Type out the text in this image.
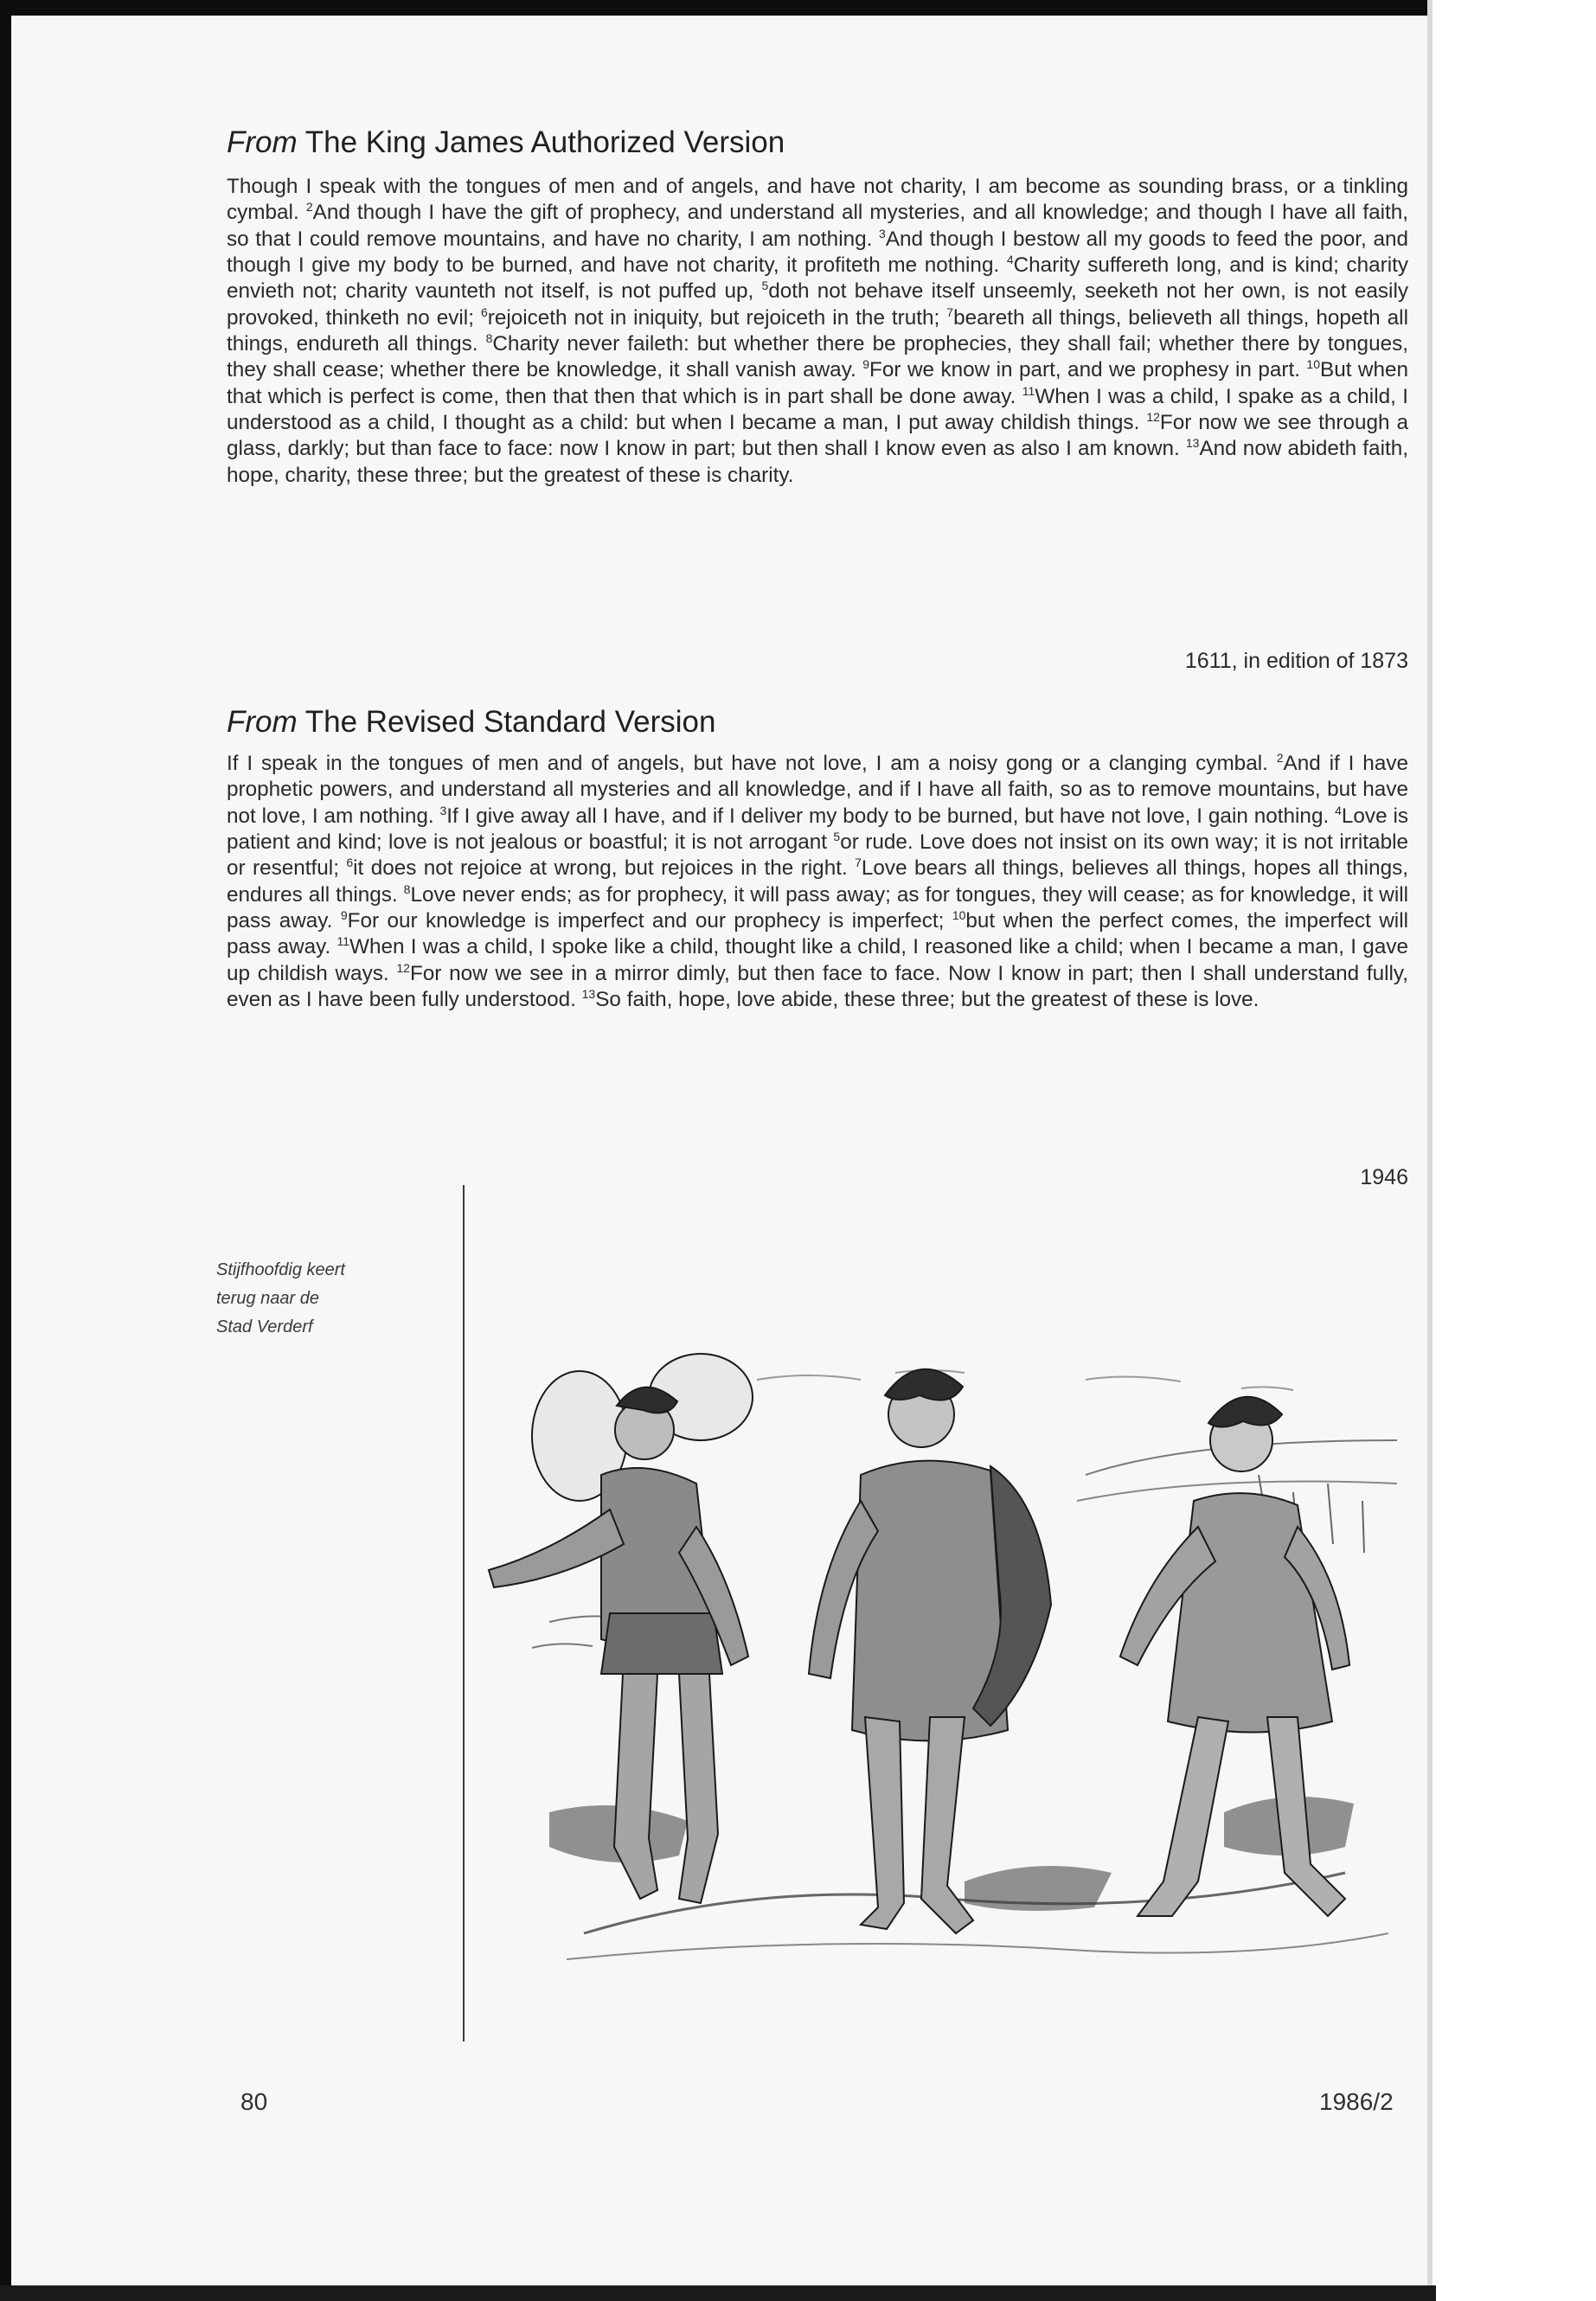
From The King James Authorized Version

Though I speak with the tongues of men and of angels, and have not charity, I am become as sounding brass, or a tinkling cymbal. $^2$And though I have the gift of prophecy, and understand all mysteries, and all knowledge; and though I have all faith, so that I could remove mountains, and have no charity, I am nothing. $^3$And though I bestow all my goods to feed the poor, and though I give my body to be burned, and have not charity, it profiteth me nothing. $^4$Charity suffereth long, and is kind; charity envieth not; charity vaunteth not itself, is not puffed up, $^5$doth not behave itself unseemly, seeketh not her own, is not easily provoked, thinketh no evil; $^6$rejoiceth not in iniquity, but rejoiceth in the truth; $^7$beareth all things, believeth all things, hopeth all things, endureth all things. $^8$Charity never faileth: but whether there be prophecies, they shall fail; whether there by tongues, they shall cease; whether there be knowledge, it shall vanish away. $^9$For we know in part, and we prophesy in part. $^{10}$But when that which is perfect is come, then that then that which is in part shall be done away. $^{11}$When I was a child, I spake as a child, I understood as a child, I thought as a child: but when I became a man, I put away childish things. $^{12}$For now we see through a glass, darkly; but than face to face: now I know in part; but then shall I know even as also I am known. $^{13}$And now abideth faith, hope, charity, these three; but the greatest of these is charity.

1611, in edition of 1873
From The Revised Standard Version

If I speak in the tongues of men and of angels, but have not love, I am a noisy gong or a clanging cymbal. $^2$And if I have prophetic powers, and understand all mysteries and all knowledge, and if I have all faith, so as to remove mountains, but have not love, I am nothing. $^3$If I give away all I have, and if I deliver my body to be burned, but have not love, I gain nothing. $^4$Love is patient and kind; love is not jealous or boastful; it is not arrogant $^5$or rude. Love does not insist on its own way; it is not irritable or resentful; $^6$it does not rejoice at wrong, but rejoices in the right. $^7$Love bears all things, believes all things, hopes all things, endures all things. $^8$Love never ends; as for prophecy, it will pass away; as for tongues, they will cease; as for knowledge, it will pass away. $^9$For our knowledge is imperfect and our prophecy is imperfect; $^{10}$but when the perfect comes, the imperfect will pass away. $^{11}$When I was a child, I spoke like a child, thought like a child, I reasoned like a child; when I became a man, I gave up childish ways. $^{12}$For now we see in a mirror dimly, but then face to face. Now I know in part; then I shall understand fully, even as I have been fully understood. $^{13}$So faith, hope, love abide, these three; but the greatest of these is love.

1946
Stijfhoofdig keert
terug naar de
Stad Verderf
80	1986/2
